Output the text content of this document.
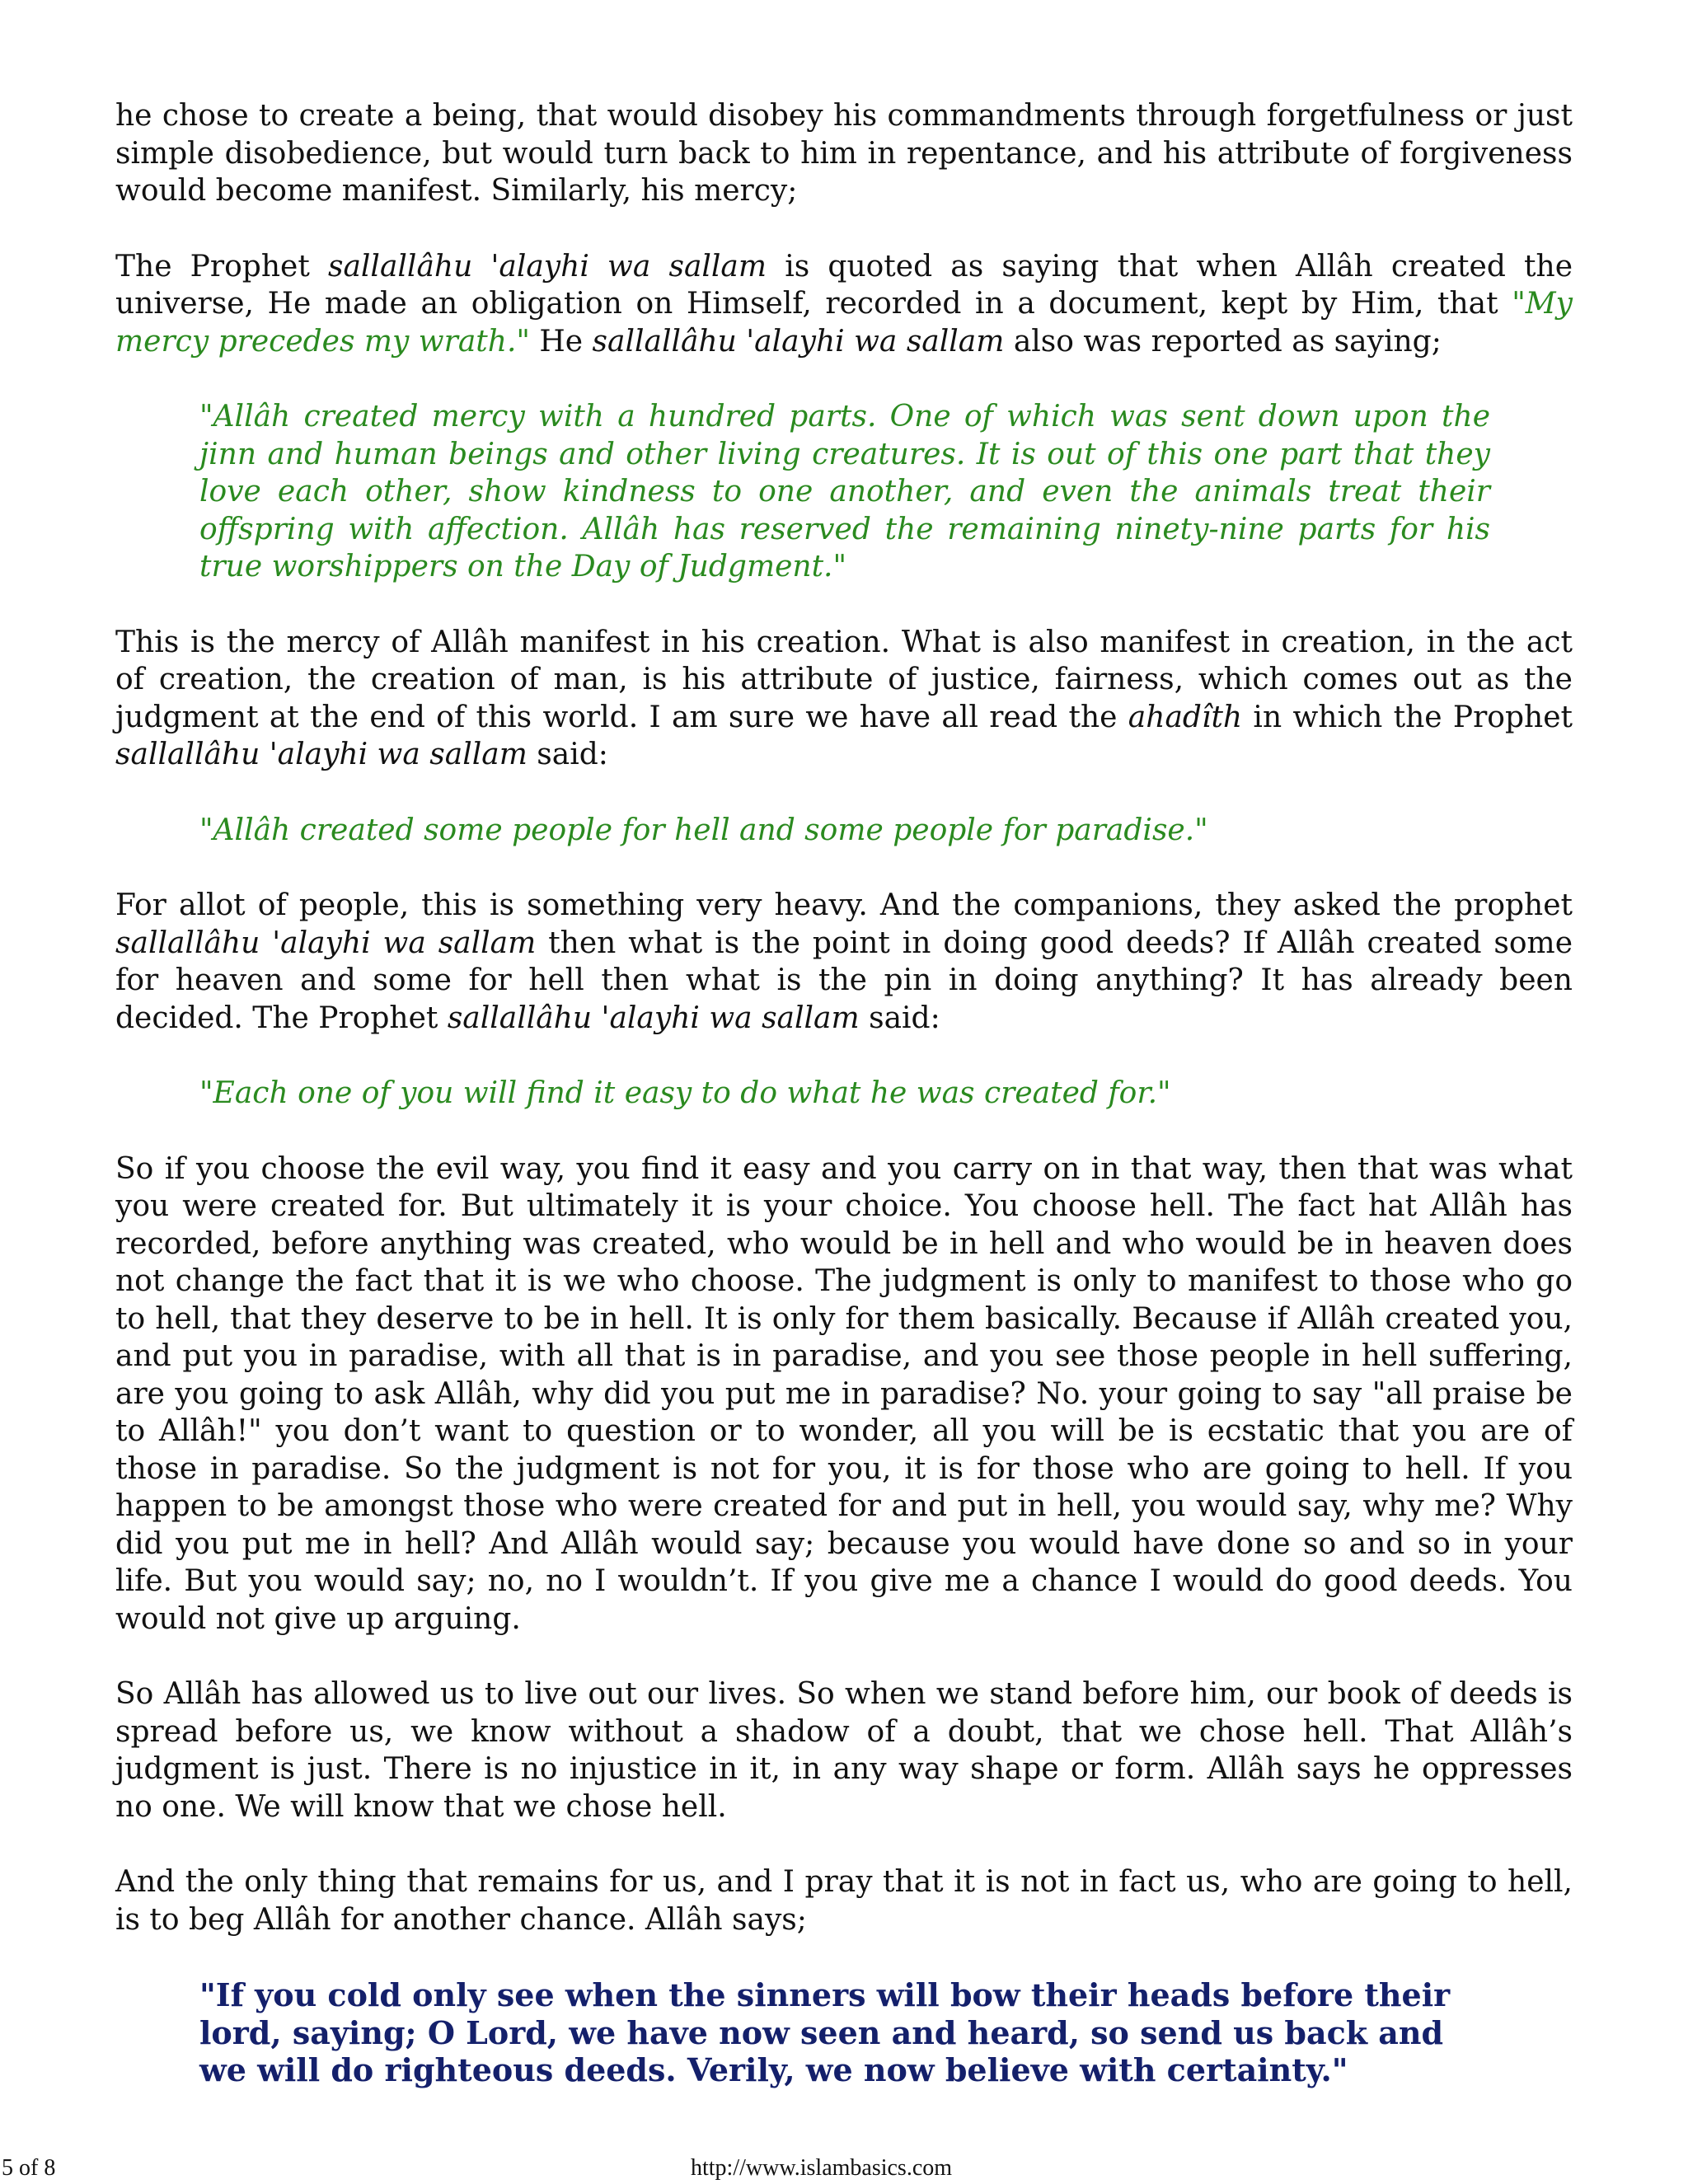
he chose to create a being, that would disobey his commandments through forgetfulness or just simple disobedience, but would turn back to him in repentance, and his attribute of forgiveness would become manifest. Similarly, his mercy;

The Prophet sallallâhu 'alayhi wa sallam is quoted as saying that when Allâh created the universe, He made an obligation on Himself, recorded in a document, kept by Him, that "My mercy precedes my wrath." He sallallâhu 'alayhi wa sallam also was reported as saying;

"Allâh created mercy with a hundred parts. One of which was sent down upon the jinn and human beings and other living creatures. It is out of this one part that they love each other, show kindness to one another, and even the animals treat their offspring with affection. Allâh has reserved the remaining ninety-nine parts for his true worshippers on the Day of Judgment."

This is the mercy of Allâh manifest in his creation. What is also manifest in creation, in the act of creation, the creation of man, is his attribute of justice, fairness, which comes out as the judgment at the end of this world. I am sure we have all read the ahadîth in which the Prophet sallallâhu 'alayhi wa sallam said:

"Allâh created some people for hell and some people for paradise."

For allot of people, this is something very heavy. And the companions, they asked the prophet sallallâhu 'alayhi wa sallam then what is the point in doing good deeds? If Allâh created some for heaven and some for hell then what is the pin in doing anything? It has already been decided. The Prophet sallallâhu 'alayhi wa sallam said:

"Each one of you will find it easy to do what he was created for."

So if you choose the evil way, you find it easy and you carry on in that way, then that was what you were created for. But ultimately it is your choice. You choose hell. The fact hat Allâh has recorded, before anything was created, who would be in hell and who would be in heaven does not change the fact that it is we who choose. The judgment is only to manifest to those who go to hell, that they deserve to be in hell. It is only for them basically. Because if Allâh created you, and put you in paradise, with all that is in paradise, and you see those people in hell suffering, are you going to ask Allâh, why did you put me in paradise? No. your going to say "all praise be to Allâh!" you don’t want to question or to wonder, all you will be is ecstatic that you are of those in paradise. So the judgment is not for you, it is for those who are going to hell. If you happen to be amongst those who were created for and put in hell, you would say, why me? Why did you put me in hell? And Allâh would say; because you would have done so and so in your life. But you would say; no, no I wouldn’t. If you give me a chance I would do good deeds. You would not give up arguing.

So Allâh has allowed us to live out our lives. So when we stand before him, our book of deeds is spread before us, we know without a shadow of a doubt, that we chose hell. That Allâh’s judgment is just. There is no injustice in it, in any way shape or form. Allâh says he oppresses no one. We will know that we chose hell.

And the only thing that remains for us, and I pray that it is not in fact us, who are going to hell, is to beg Allâh for another chance. Allâh says;

"If you cold only see when the sinners will bow their heads before their lord, saying; O Lord, we have now seen and heard, so send us back and we will do righteous deeds. Verily, we now believe with certainty."

5 of 8	http://www.islambasics.com
